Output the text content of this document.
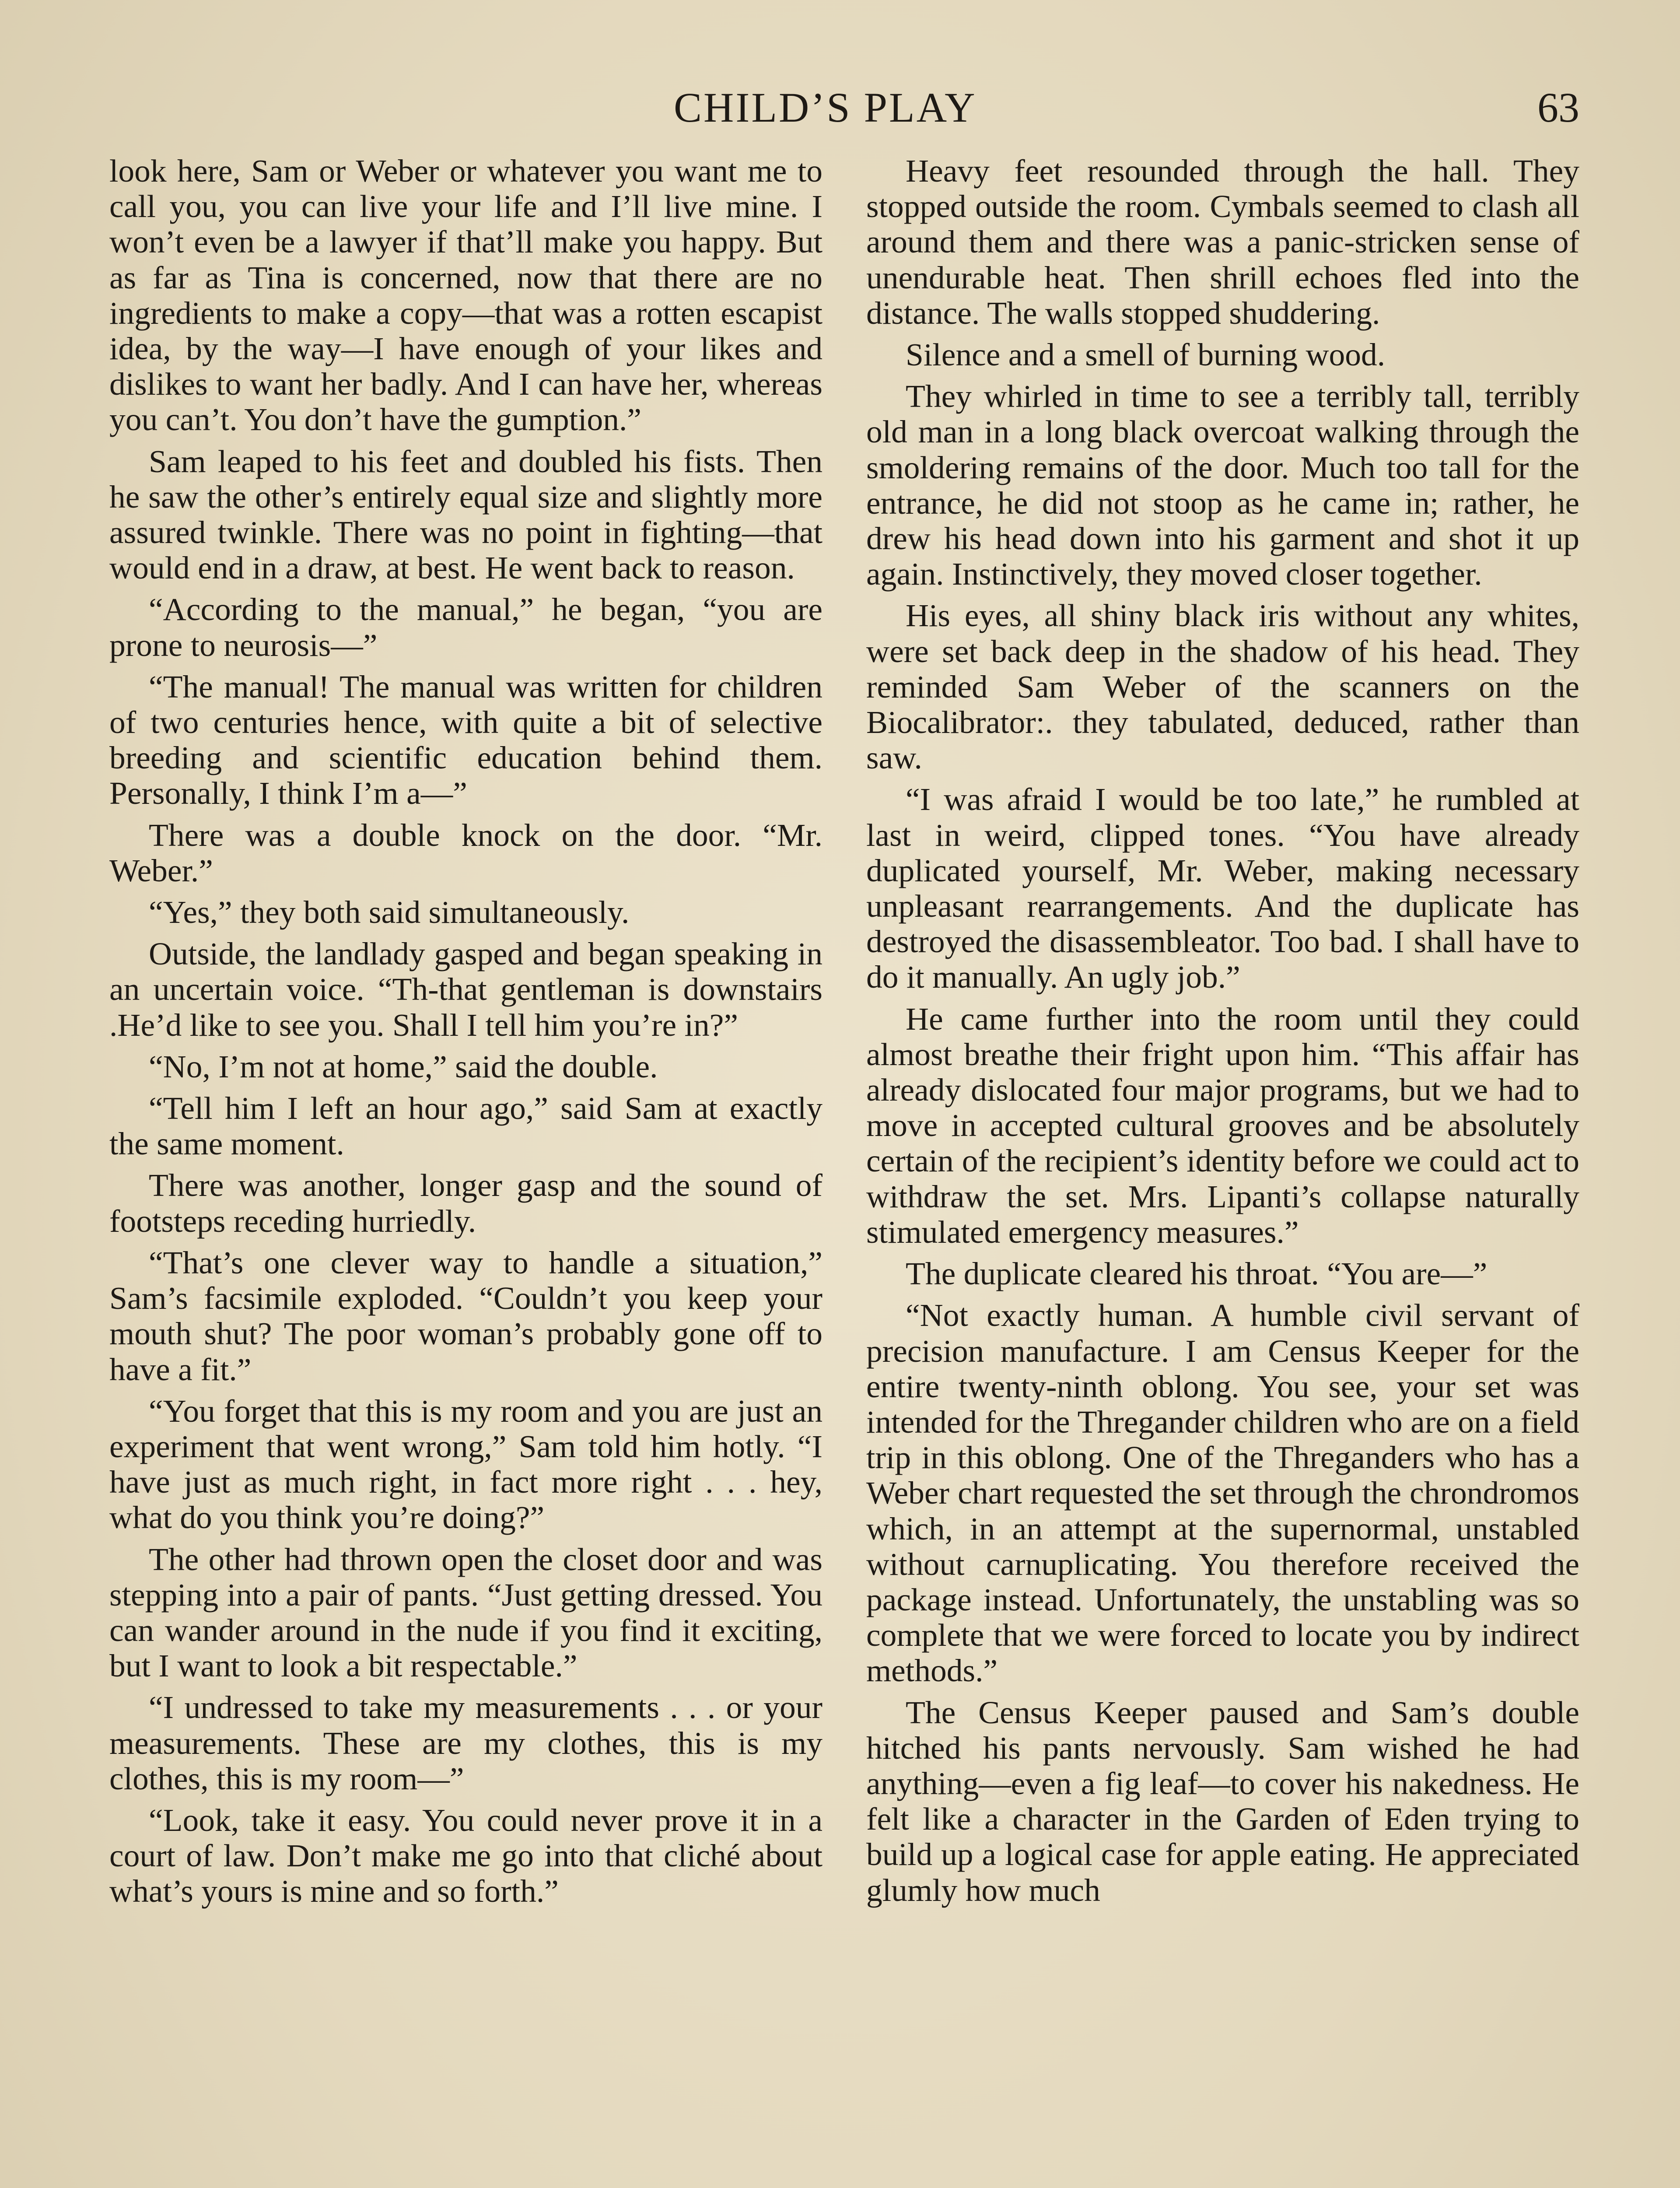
CHILD’S PLAY	63

look here, Sam or Weber or whatever you want me to call you, you can live your life and I’ll live mine. I won’t even be a lawyer if that’ll make you happy. But as far as Tina is concerned, now that there are no ingredients to make a copy—that was a rotten escapist idea, by the way—I have enough of your likes and dislikes to want her badly. And I can have her, whereas you can’t. You don’t have the gumption.”

Sam leaped to his feet and doubled his fists. Then he saw the other’s entirely equal size and slightly more assured twinkle. There was no point in fighting—that would end in a draw, at best. He went back to reason.

“According to the manual,” he began, “you are prone to neurosis—”

“The manual! The manual was written for children of two centuries hence, with quite a bit of selective breeding and scientific education behind them. Personally, I think I’m a—”

There was a double knock on the door. “Mr. Weber.”

“Yes,” they both said simultaneously.

Outside, the landlady gasped and began speaking in an uncertain voice. “Th-that gentleman is downstairs .He’d like to see you. Shall I tell him you’re in?”

“No, I’m not at home,” said the double.

“Tell him I left an hour ago,” said Sam at exactly the same moment.

There was another, longer gasp and the sound of footsteps receding hurriedly.

“That’s one clever way to handle a situation,” Sam’s facsimile exploded. “Couldn’t you keep your mouth shut? The poor woman’s probably gone off to have a fit.”

“You forget that this is my room and you are just an experiment that went wrong,” Sam told him hotly. “I have just as much right, in fact more right . . . hey, what do you think you’re doing?”

The other had thrown open the closet door and was stepping into a pair of pants. “Just getting dressed. You can wander around in the nude if you find it exciting, but I want to look a bit respectable.”

“I undressed to take my measurements . . . or your measurements. These are my clothes, this is my clothes, this is my room—”

“Look, take it easy. You could never prove it in a court of law. Don’t make me go into that cliché about what’s yours is mine and so forth.”

Heavy feet resounded through the hall. They stopped outside the room. Cymbals seemed to clash all around them and there was a panic-stricken sense of unendurable heat. Then shrill echoes fled into the distance. The walls stopped shuddering.

Silence and a smell of burning wood.

They whirled in time to see a terribly tall, terribly old man in a long black overcoat walking through the smoldering remains of the door. Much too tall for the entrance, he did not stoop as he came in; rather, he drew his head down into his garment and shot it up again. Instinctively, they moved closer together.

His eyes, all shiny black iris without any whites, were set back deep in the shadow of his head. They reminded Sam Weber of the scanners on the Biocalibrator:. they tabulated, deduced, rather than saw.

“I was afraid I would be too late,” he rumbled at last in weird, clipped tones. “You have already duplicated yourself, Mr. Weber, making necessary unpleasant rearrangements. And the duplicate has destroyed the disassembleator. Too bad. I shall have to do it manually. An ugly job.”

He came further into the room until they could almost breathe their fright upon him. “This affair has already dislocated four major programs, but we had to move in accepted cultural grooves and be absolutely certain of the recipient’s identity before we could act to withdraw the set. Mrs. Lipanti’s collapse naturally stimulated emergency measures.”

The duplicate cleared his throat. “You are—”

“Not exactly human. A humble civil servant of precision manufacture. I am Census Keeper for the entire twenty-ninth oblong. You see, your set was intended for the Thregander children who are on a field trip in this oblong. One of the Threganders who has a Weber chart requested the set through the chrondromos which, in an attempt at the supernormal, unstabled without carnuplicating. You therefore received the package instead. Unfortunately, the unstabling was so complete that we were forced to locate you by indirect methods.”

The Census Keeper paused and Sam’s double hitched his pants nervously. Sam wished he had anything—even a fig leaf—to cover his nakedness. He felt like a character in the Garden of Eden trying to build up a logical case for apple eating. He appreciated glumly how much
